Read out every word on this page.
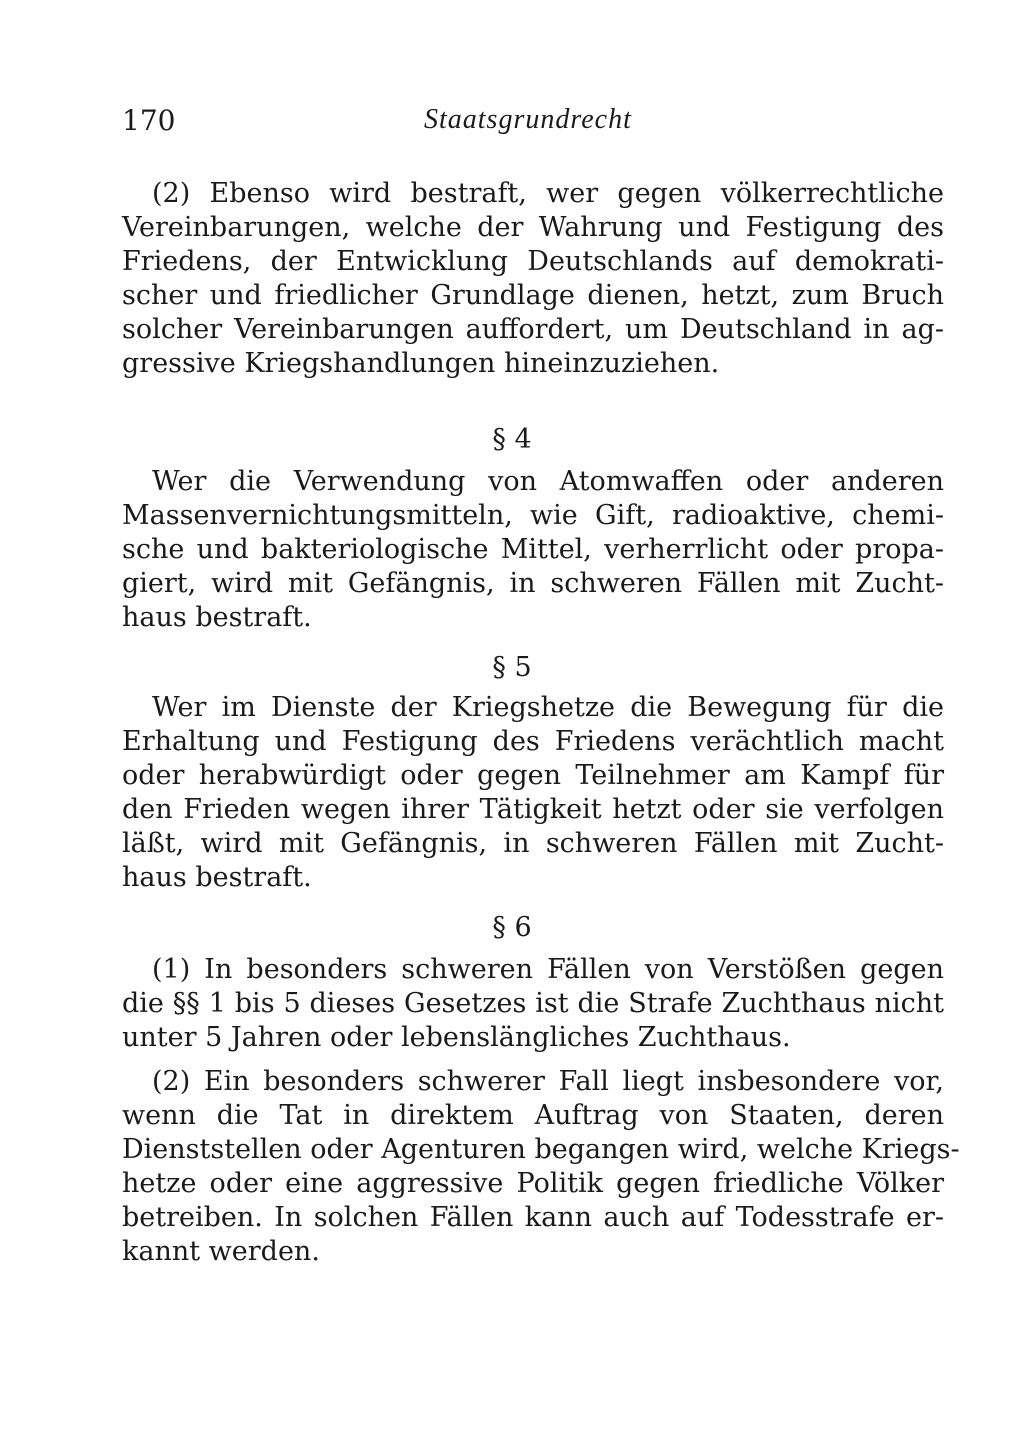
170	Staatsgrundrecht
(2) Ebenso wird bestraft, wer gegen völkerrechtliche
Vereinbarungen, welche der Wahrung und Festigung des
Friedens, der Entwicklung Deutschlands auf demokrati-
scher und friedlicher Grundlage dienen, hetzt, zum Bruch
solcher Vereinbarungen auffordert, um Deutschland in ag-
gressive Kriegshandlungen hineinzuziehen.
§ 4
Wer die Verwendung von Atomwaffen oder anderen
Massenvernichtungsmitteln, wie Gift, radioaktive, chemi-
sche und bakteriologische Mittel, verherrlicht oder propa-
giert, wird mit Gefängnis, in schweren Fällen mit Zucht-
haus bestraft.
§ 5
Wer im Dienste der Kriegshetze die Bewegung für die
Erhaltung und Festigung des Friedens verächtlich macht
oder herabwürdigt oder gegen Teilnehmer am Kampf für
den Frieden wegen ihrer Tätigkeit hetzt oder sie verfolgen
läßt, wird mit Gefängnis, in schweren Fällen mit Zucht-
haus bestraft.
§ 6
(1) In besonders schweren Fällen von Verstößen gegen
die §§ 1 bis 5 dieses Gesetzes ist die Strafe Zuchthaus nicht
unter 5 Jahren oder lebenslängliches Zuchthaus.
(2) Ein besonders schwerer Fall liegt insbesondere vor,
wenn die Tat in direktem Auftrag von Staaten, deren
Dienststellen oder Agenturen begangen wird, welche Kriegs-
hetze oder eine aggressive Politik gegen friedliche Völker
betreiben. In solchen Fällen kann auch auf Todesstrafe er-
kannt werden.
